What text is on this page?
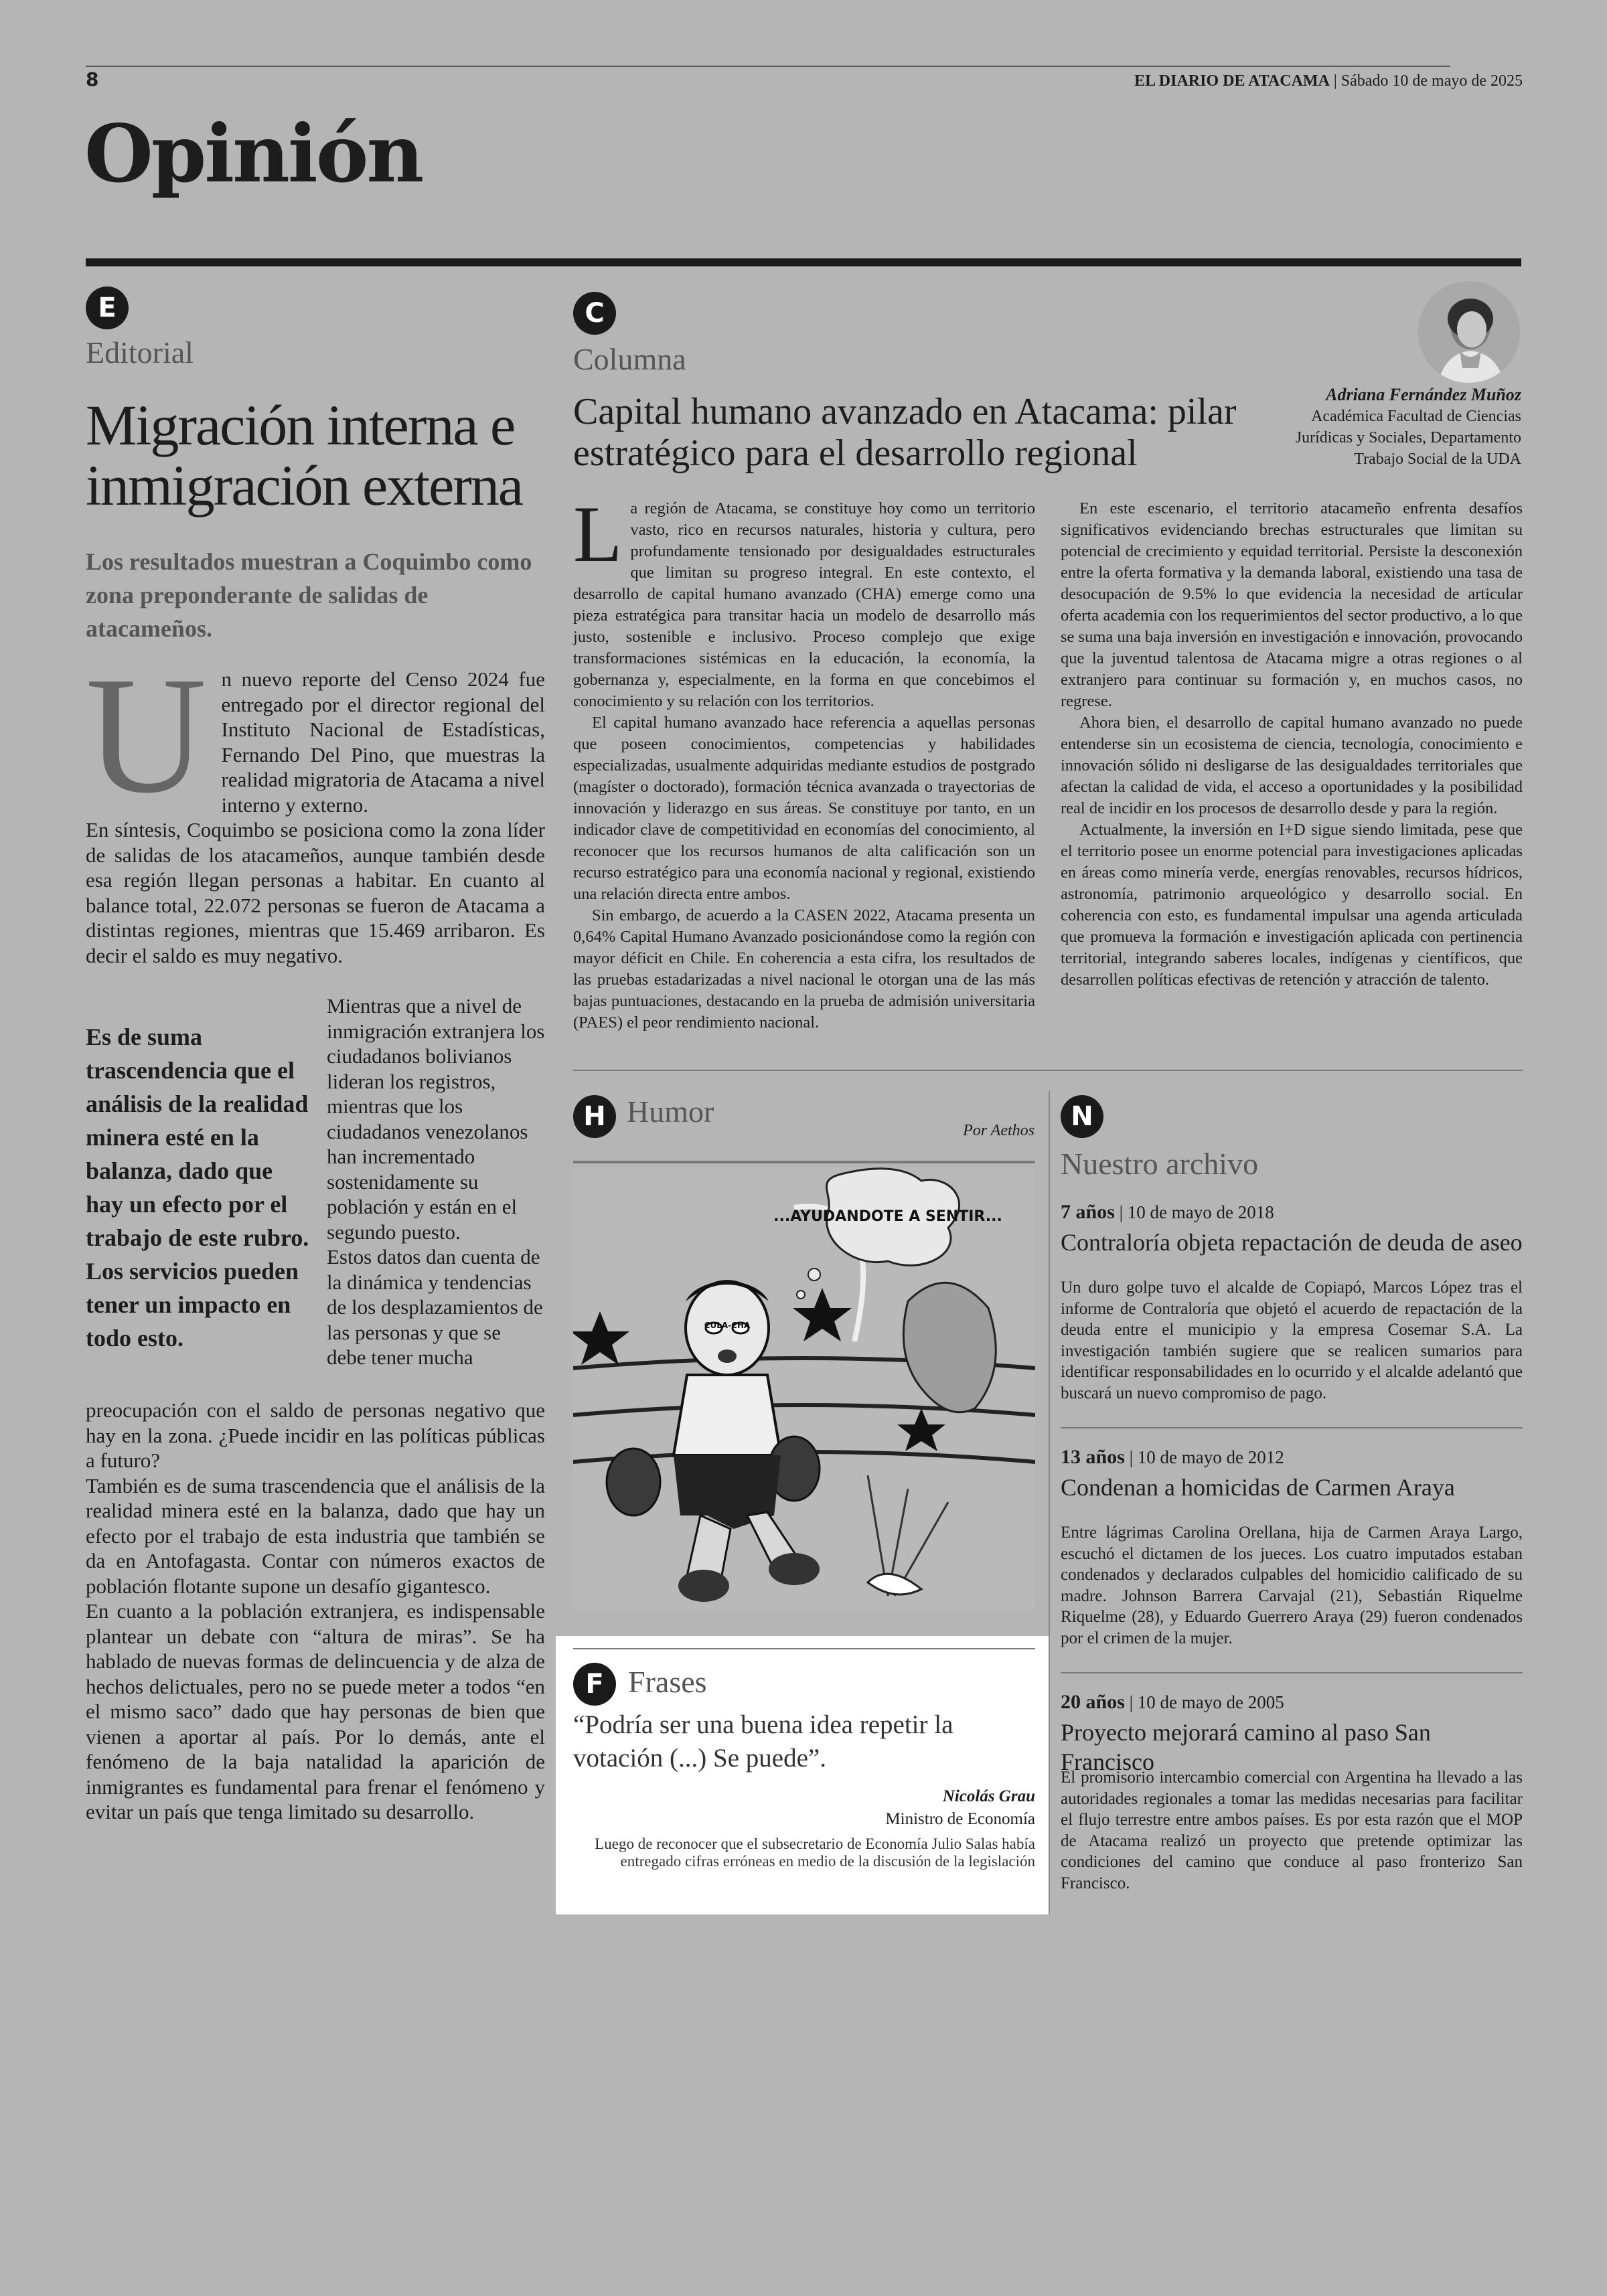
8	EL DIARIO DE ATACAMA | Sábado 10 de mayo de 2025
Opinión
E
Editorial
Migración interna e inmigración externa
Los resultados muestran a Coquimbo como zona preponderante de salidas de atacameños.
U n nuevo reporte del Censo 2024 fue entregado por el director regional del Instituto Nacional de Estadísticas, Fernando Del Pino, que muestras la realidad migratoria de Atacama a nivel interno y externo.
En síntesis, Coquimbo se posiciona como la zona líder de salidas de los atacameños, aunque también desde esa región llegan personas a habitar. En cuanto al balance total, 22.072 personas se fueron de Atacama a distintas regiones, mientras que 15.469 arribaron. Es decir el saldo es muy negativo.
Es de suma trascendencia que el análisis de la realidad minera esté en la balanza, dado que hay un efecto por el trabajo de este rubro. Los servicios pueden tener un impacto en todo esto.
Mientras que a nivel de inmigración extranjera los ciudadanos bolivianos lideran los registros, mientras que los ciudadanos venezolanos han incrementado sostenidamente su población y están en el segundo puesto.
Estos datos dan cuenta de la dinámica y tendencias de los desplazamientos de las personas y que se debe tener mucha
preocupación con el saldo de personas negativo que hay en la zona. ¿Puede incidir en las políticas públicas a futuro?
También es de suma trascendencia que el análisis de la realidad minera esté en la balanza, dado que hay un efecto por el trabajo de esta industria que también se da en Antofagasta. Contar con números exactos de población flotante supone un desafío gigantesco.
En cuanto a la población extranjera, es indispensable plantear un debate con “altura de miras”. Se ha hablado de nuevas formas de delincuencia y de alza de hechos delictuales, pero no se puede meter a todos “en el mismo saco” dado que hay personas de bien que vienen a aportar al país. Por lo demás, ante el fenómeno de la baja natalidad la aparición de inmigrantes es fundamental para frenar el fenómeno y evitar un país que tenga limitado su desarrollo.
C
Columna
Capital humano avanzado en Atacama: pilar estratégico para el desarrollo regional
Adriana Fernández Muñoz
Académica Facultad de Ciencias Jurídicas y Sociales, Departamento Trabajo Social de la UDA
L a región de Atacama, se constituye hoy como un territorio vasto, rico en recursos naturales, historia y cultura, pero profundamente tensionado por desigualdades estructurales que limitan su progreso integral. En este contexto, el desarrollo de capital humano avanzado (CHA) emerge como una pieza estratégica para transitar hacia un modelo de desarrollo más justo, sostenible e inclusivo. Proceso complejo que exige transformaciones sistémicas en la educación, la economía, la gobernanza y, especialmente, en la forma en que concebimos el conocimiento y su relación con los territorios.
El capital humano avanzado hace referencia a aquellas personas que poseen conocimientos, competencias y habilidades especializadas, usualmente adquiridas mediante estudios de postgrado (magíster o doctorado), formación técnica avanzada o trayectorias de innovación y liderazgo en sus áreas. Se constituye por tanto, en un indicador clave de competitividad en economías del conocimiento, al reconocer que los recursos humanos de alta calificación son un recurso estratégico para una economía nacional y regional, existiendo una relación directa entre ambos.
Sin embargo, de acuerdo a la CASEN 2022, Atacama presenta un 0,64% Capital Humano Avanzado posicionándose como la región con mayor déficit en Chile. En coherencia a esta cifra, los resultados de las pruebas estadarizadas a nivel nacional le otorgan una de las más bajas puntuaciones, destacando en la prueba de admisión universitaria (PAES) el peor rendimiento nacional.
En este escenario, el territorio atacameño enfrenta desafíos significativos evidenciando brechas estructurales que limitan su potencial de crecimiento y equidad territorial. Persiste la desconexión entre la oferta formativa y la demanda laboral, existiendo una tasa de desocupación de 9.5% lo que evidencia la necesidad de articular oferta academia con los requerimientos del sector productivo, a lo que se suma una baja inversión en investigación e innovación, provocando que la juventud talentosa de Atacama migre a otras regiones o al extranjero para continuar su formación y, en muchos casos, no regrese.
Ahora bien, el desarrollo de capital humano avanzado no puede entenderse sin un ecosistema de ciencia, tecnología, conocimiento e innovación sólido ni desligarse de las desigualdades territoriales que afectan la calidad de vida, el acceso a oportunidades y la posibilidad real de incidir en los procesos de desarrollo desde y para la región.
Actualmente, la inversión en I+D sigue siendo limitada, pese que el territorio posee un enorme potencial para investigaciones aplicadas en áreas como minería verde, energías renovables, recursos hídricos, astronomía, patrimonio arqueológico y desarrollo social. En coherencia con esto, es fundamental impulsar una agenda articulada que promueva la formación e investigación aplicada con pertinencia territorial, integrando saberes locales, indígenas y científicos, que desarrollen políticas efectivas de retención y atracción de talento.
H Humor
Por Aethos
...AYUDANDOTE A SENTIR...
CULA-CHA
F Frases
“Podría ser una buena idea repetir la votación (...) Se puede”.
Nicolás Grau
Ministro de Economía
Luego de reconocer que el subsecretario de Economía Julio Salas había entregado cifras erróneas en medio de la discusión de la legislación
N
Nuestro archivo
7 años | 10 de mayo de 2018
Contraloría objeta repactación de deuda de aseo
Un duro golpe tuvo el alcalde de Copiapó, Marcos López tras el informe de Contraloría que objetó el acuerdo de repactación de la deuda entre el municipio y la empresa Cosemar S.A. La investigación también sugiere que se realicen sumarios para identificar responsabilidades en lo ocurrido y el alcalde adelantó que buscará un nuevo compromiso de pago.
13 años | 10 de mayo de 2012
Condenan a homicidas de Carmen Araya
Entre lágrimas Carolina Orellana, hija de Carmen Araya Largo, escuchó el dictamen de los jueces. Los cuatro imputados estaban condenados y declarados culpables del homicidio calificado de su madre. Johnson Barrera Carvajal (21), Sebastián Riquelme Riquelme (28), y Eduardo Guerrero Araya (29) fueron condenados por el crimen de la mujer.
20 años | 10 de mayo de 2005
Proyecto mejorará camino al paso San Francisco
El promisorio intercambio comercial con Argentina ha llevado a las autoridades regionales a tomar las medidas necesarias para facilitar el flujo terrestre entre ambos países. Es por esta razón que el MOP de Atacama realizó un proyecto que pretende optimizar las condiciones del camino que conduce al paso fronterizo San Francisco.
